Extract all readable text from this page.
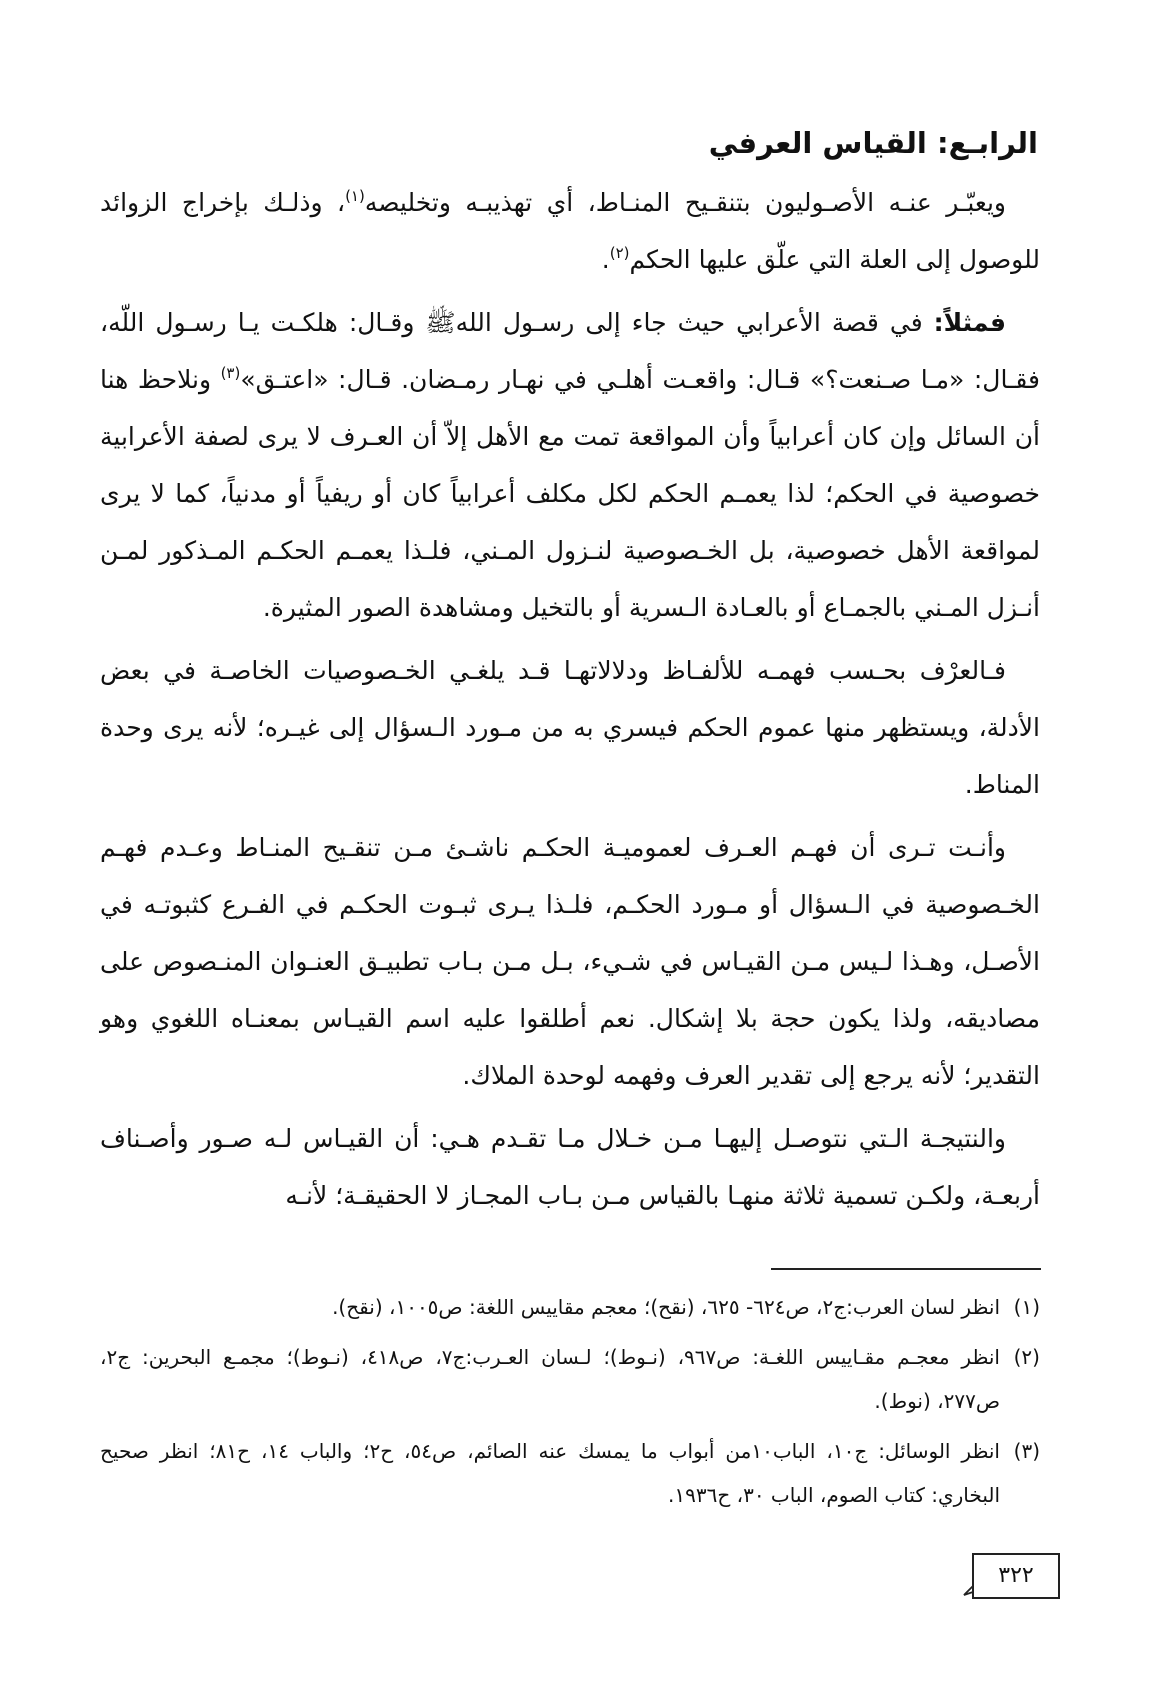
الرابـع: القياس العرفي

ويعبّـر عنـه الأصـوليون بتنقـيح المنـاط، أي تهذيبـه وتخليصه$^{(١)}$، وذلـك بإخراج الزوائد للوصول إلى العلة التي علّق عليها الحكم$^{(٢)}$.

فمثلاً: في قصة الأعرابي حيث جاء إلى رسـول اللهﷺ وقـال: هلكـت يـا رسـول اللّه، فقـال: «مـا صـنعت؟» قـال: واقعـت أهلـي في نهـار رمـضان. قـال: «اعتـق»$^{(٣)}$ ونلاحظ هنا أن السائل وإن كان أعرابياً وأن المواقعة تمت مع الأهل إلاّ أن العـرف لا يرى لصفة الأعرابية خصوصية في الحكم؛ لذا يعمـم الحكم لكل مكلف أعرابياً كان أو ريفياً أو مدنياً، كما لا يرى لمواقعة الأهل خصوصية، بل الخـصوصية لنـزول المـني، فلـذا يعمـم الحكـم المـذكور لمـن أنـزل المـني بالجمـاع أو بالعـادة الـسرية أو بالتخيل ومشاهدة الصور المثيرة.

فـالعرْف بحـسب فهمـه للألفـاظ ودلالاتهـا قـد يلغـي الخـصوصيات الخاصـة في بعض الأدلة، ويستظهر منها عموم الحكم فيسري به من مـورد الـسؤال إلى غيـره؛ لأنه يرى وحدة المناط.

وأنـت تـرى أن فهـم العـرف لعموميـة الحكـم ناشـئ مـن تنقـيح المنـاط وعـدم فهـم الخـصوصية في الـسؤال أو مـورد الحكـم، فلـذا يـرى ثبـوت الحكـم في الفـرع كثبوتـه في الأصـل، وهـذا لـيس مـن القيـاس في شـيء، بـل مـن بـاب تطبيـق العنـوان المنـصوص على مصاديقه، ولذا يكون حجة بلا إشكال. نعم أطلقوا عليه اسم القيـاس بمعنـاه اللغوي وهو التقدير؛ لأنه يرجع إلى تقدير العرف وفهمه لوحدة الملاك.

والنتيجـة الـتي نتوصـل إليهـا مـن خـلال مـا تقـدم هـي: أن القيـاس لـه صـور وأصـناف أربعـة، ولكـن تسمية ثلاثة منهـا بالقياس مـن بـاب المجـاز لا الحقيقـة؛ لأنـه

(١)انظر لسان العرب:ج٢، ص٦٢٤- ٦٢٥، (نقح)؛ معجم مقاييس اللغة: ص١٠٠٥، (نقح).
(٢)انظر معجـم مقـاييس اللغـة: ص٩٦٧، (نـوط)؛ لـسان العـرب:ج٧، ص٤١٨، (نـوط)؛ مجمـع البحرين: ج٢، ص٢٧٧، (نوط).
(٣)انظر الوسائل: ج١٠، الباب١٠من أبواب ما يمسك عنه الصائم، ص٥٤، ح٢؛ والباب ١٤، ح٨١؛ انظر صحيح البخاري: كتاب الصوم، الباب ٣٠، ح١٩٣٦.
٣٢٢
